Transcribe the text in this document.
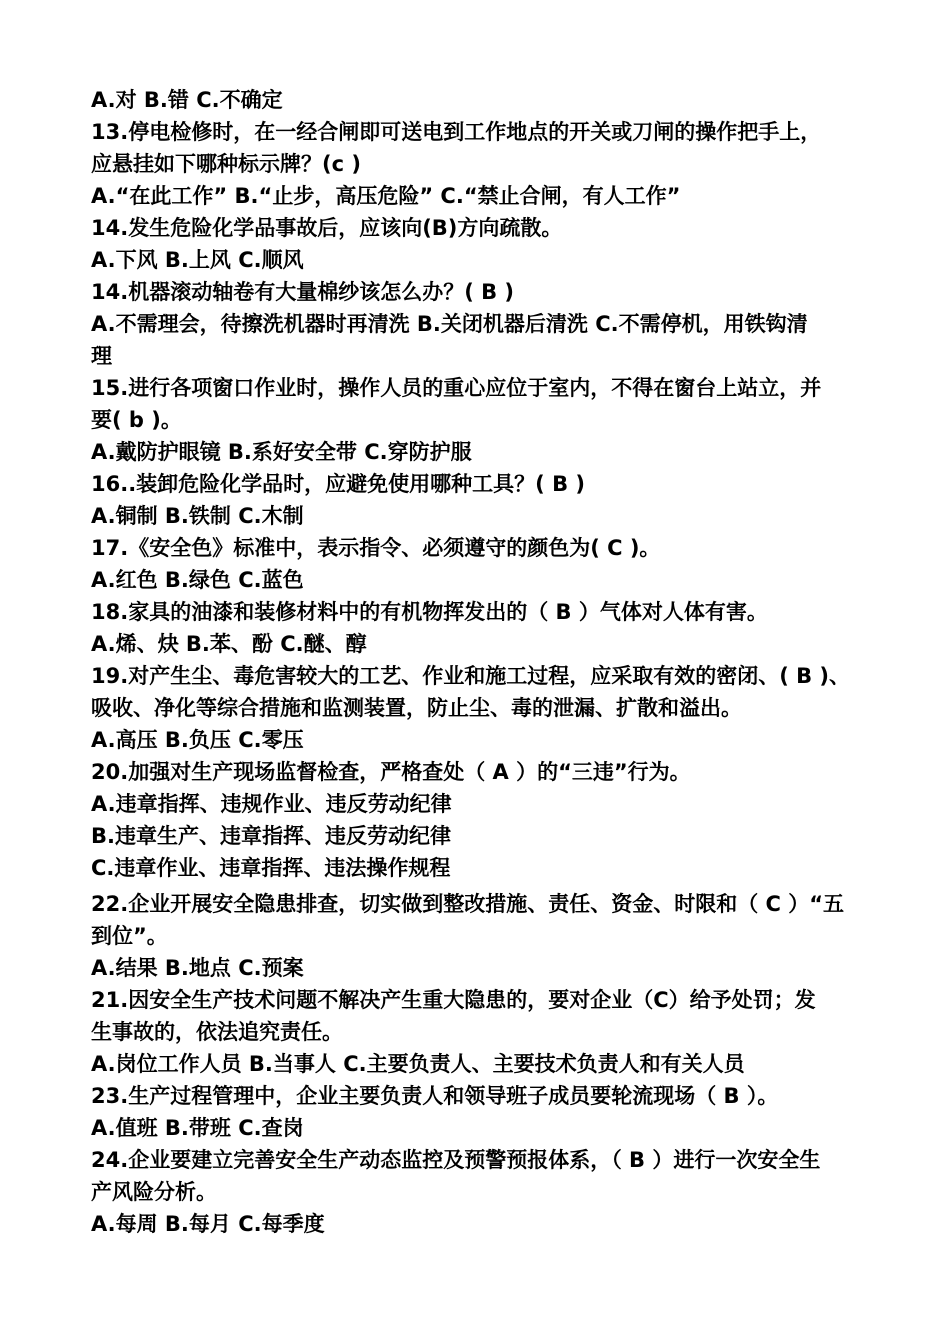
A.对 B.错 C.不确定
13.停电检修时，在一经合闸即可送电到工作地点的开关或刀闸的操作把手上，
应悬挂如下哪种标示牌？(c )
A.“在此工作” B.“止步，高压危险” C.“禁止合闸，有人工作”
14.发生危险化学品事故后，应该向(B)方向疏散。
A.下风 B.上风 C.顺风
14.机器滚动轴卷有大量棉纱该怎么办？( B )
A.不需理会，待擦洗机器时再清洗 B.关闭机器后清洗 C.不需停机，用铁钩清
理
15.进行各项窗口作业时，操作人员的重心应位于室内，不得在窗台上站立，并
要( b )。
A.戴防护眼镜 B.系好安全带 C.穿防护服
16..装卸危险化学品时，应避免使用哪种工具？( B )
A.铜制 B.铁制 C.木制
17.《安全色》标准中，表示指令、必须遵守的颜色为( C )。
A.红色 B.绿色 C.蓝色
18.家具的油漆和装修材料中的有机物挥发出的（ B ）气体对人体有害。
A.烯、炔 B.苯、酚 C.醚、醇
19.对产生尘、毒危害较大的工艺、作业和施工过程，应采取有效的密闭、( B )、
吸收、净化等综合措施和监测装置，防止尘、毒的泄漏、扩散和溢出。
A.高压 B.负压 C.零压
20.加强对生产现场监督检查，严格查处（ A ）的“三违”行为。
A.违章指挥、违规作业、违反劳动纪律
B.违章生产、违章指挥、违反劳动纪律
C.违章作业、违章指挥、违法操作规程
22.企业开展安全隐患排查，切实做到整改措施、责任、资金、时限和（ C ）“五
到位”。
A.结果 B.地点 C.预案
21.因安全生产技术问题不解决产生重大隐患的，要对企业（C）给予处罚；发
生事故的，依法追究责任。
A.岗位工作人员 B.当事人 C.主要负责人、主要技术负责人和有关人员
23.生产过程管理中，企业主要负责人和领导班子成员要轮流现场（ B ）。
A.值班 B.带班 C.查岗
24.企业要建立完善安全生产动态监控及预警预报体系，（ B ）进行一次安全生
产风险分析。
A.每周 B.每月 C.每季度
